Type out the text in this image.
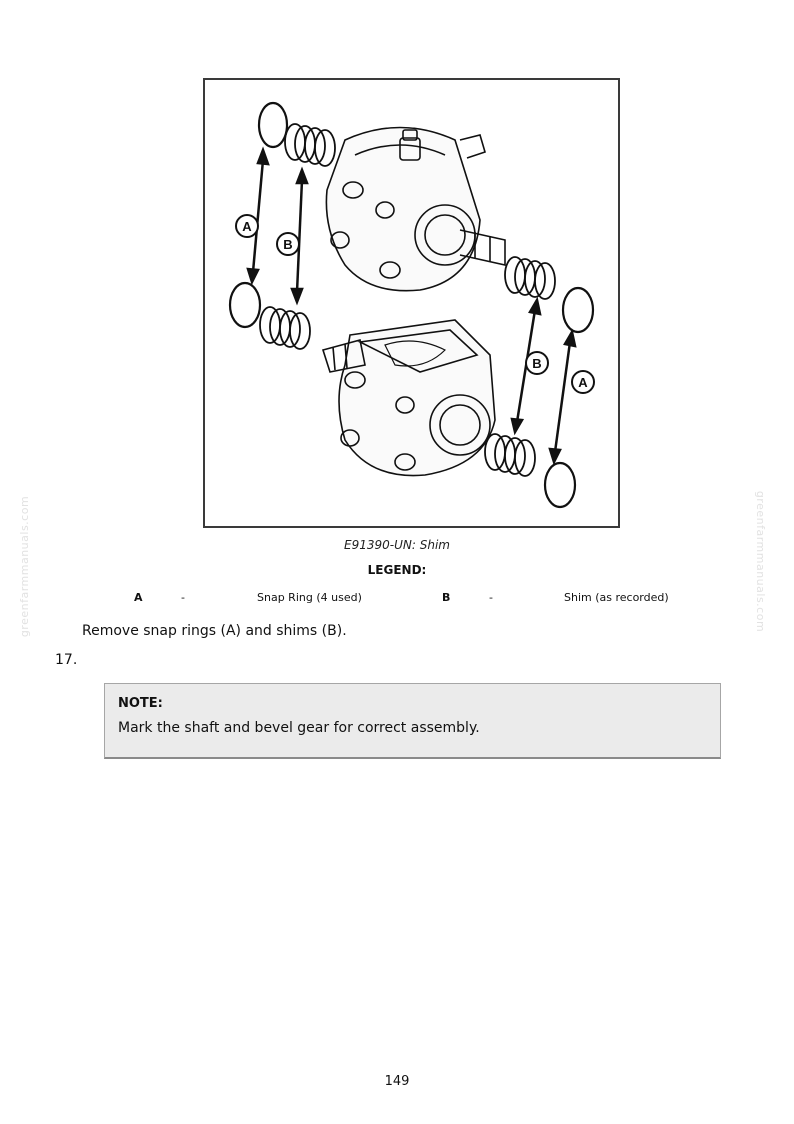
A
B
B
A
E91390-UN: Shim
LEGEND:
A	-	Snap Ring (4 used)	B	-	Shim (as recorded)
Remove snap rings (A) and shims (B).
17.
NOTE:
Mark the shaft and bevel gear for correct assembly.
149
greenfarmmanuals.com	greenfarmmanuals.com
